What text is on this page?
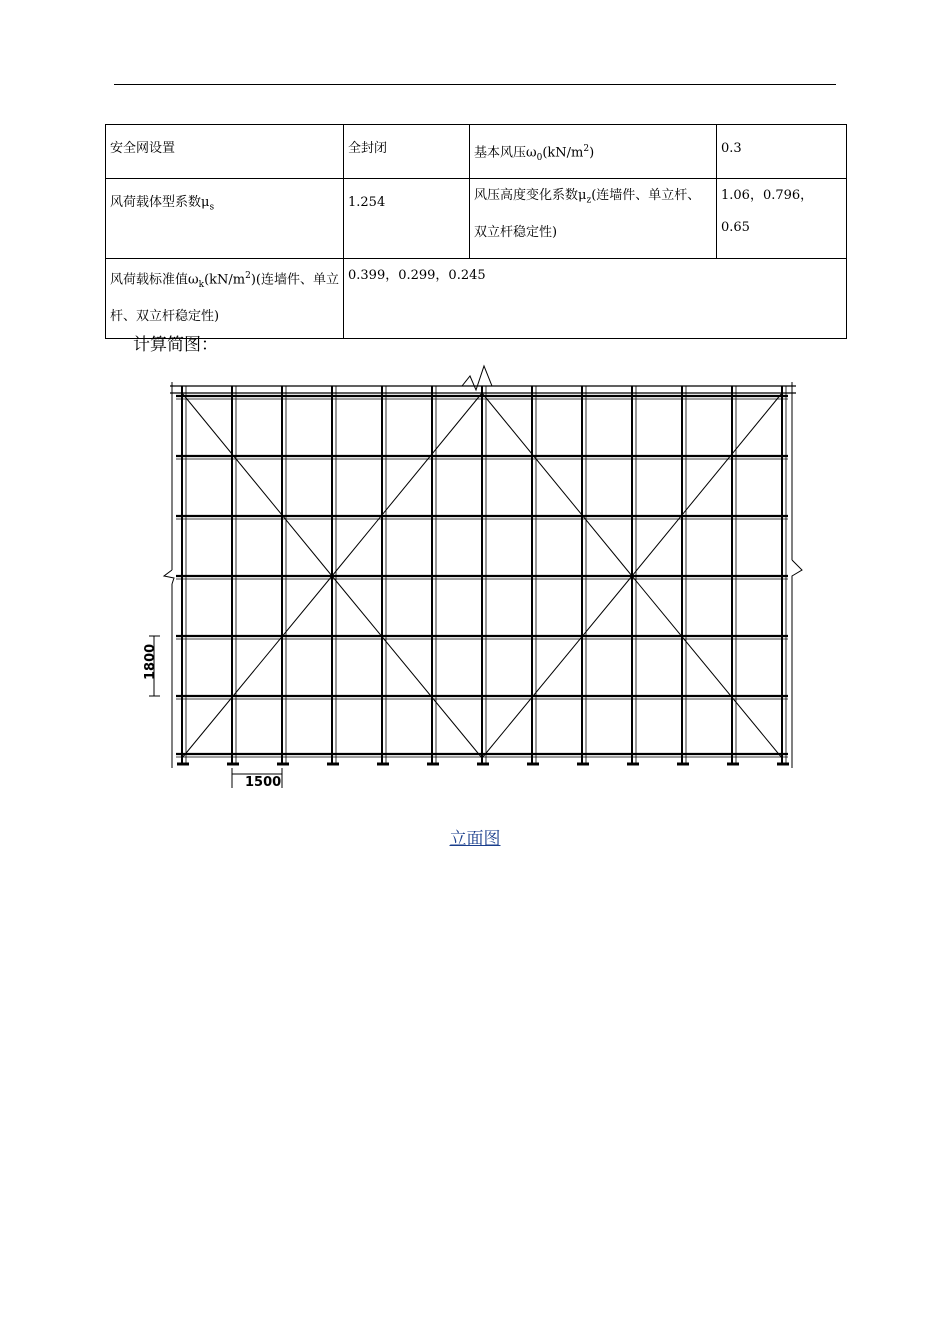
安全网设置	全封闭	基本风压$\omega_0(kN/m^2)$	0.3
风荷载体型系数$\mu_s$	1.254	风压高度变化系数$\mu_z$(连墙件、单立杆、双立杆稳定性)	1.06，0.796，0.65

风荷载标准值$\omega_k(kN/m^2)$(连墙件、单立杆、双立杆稳定性)	0.399，0.299，0.245		
计算简图：
1800
1500
立面图
